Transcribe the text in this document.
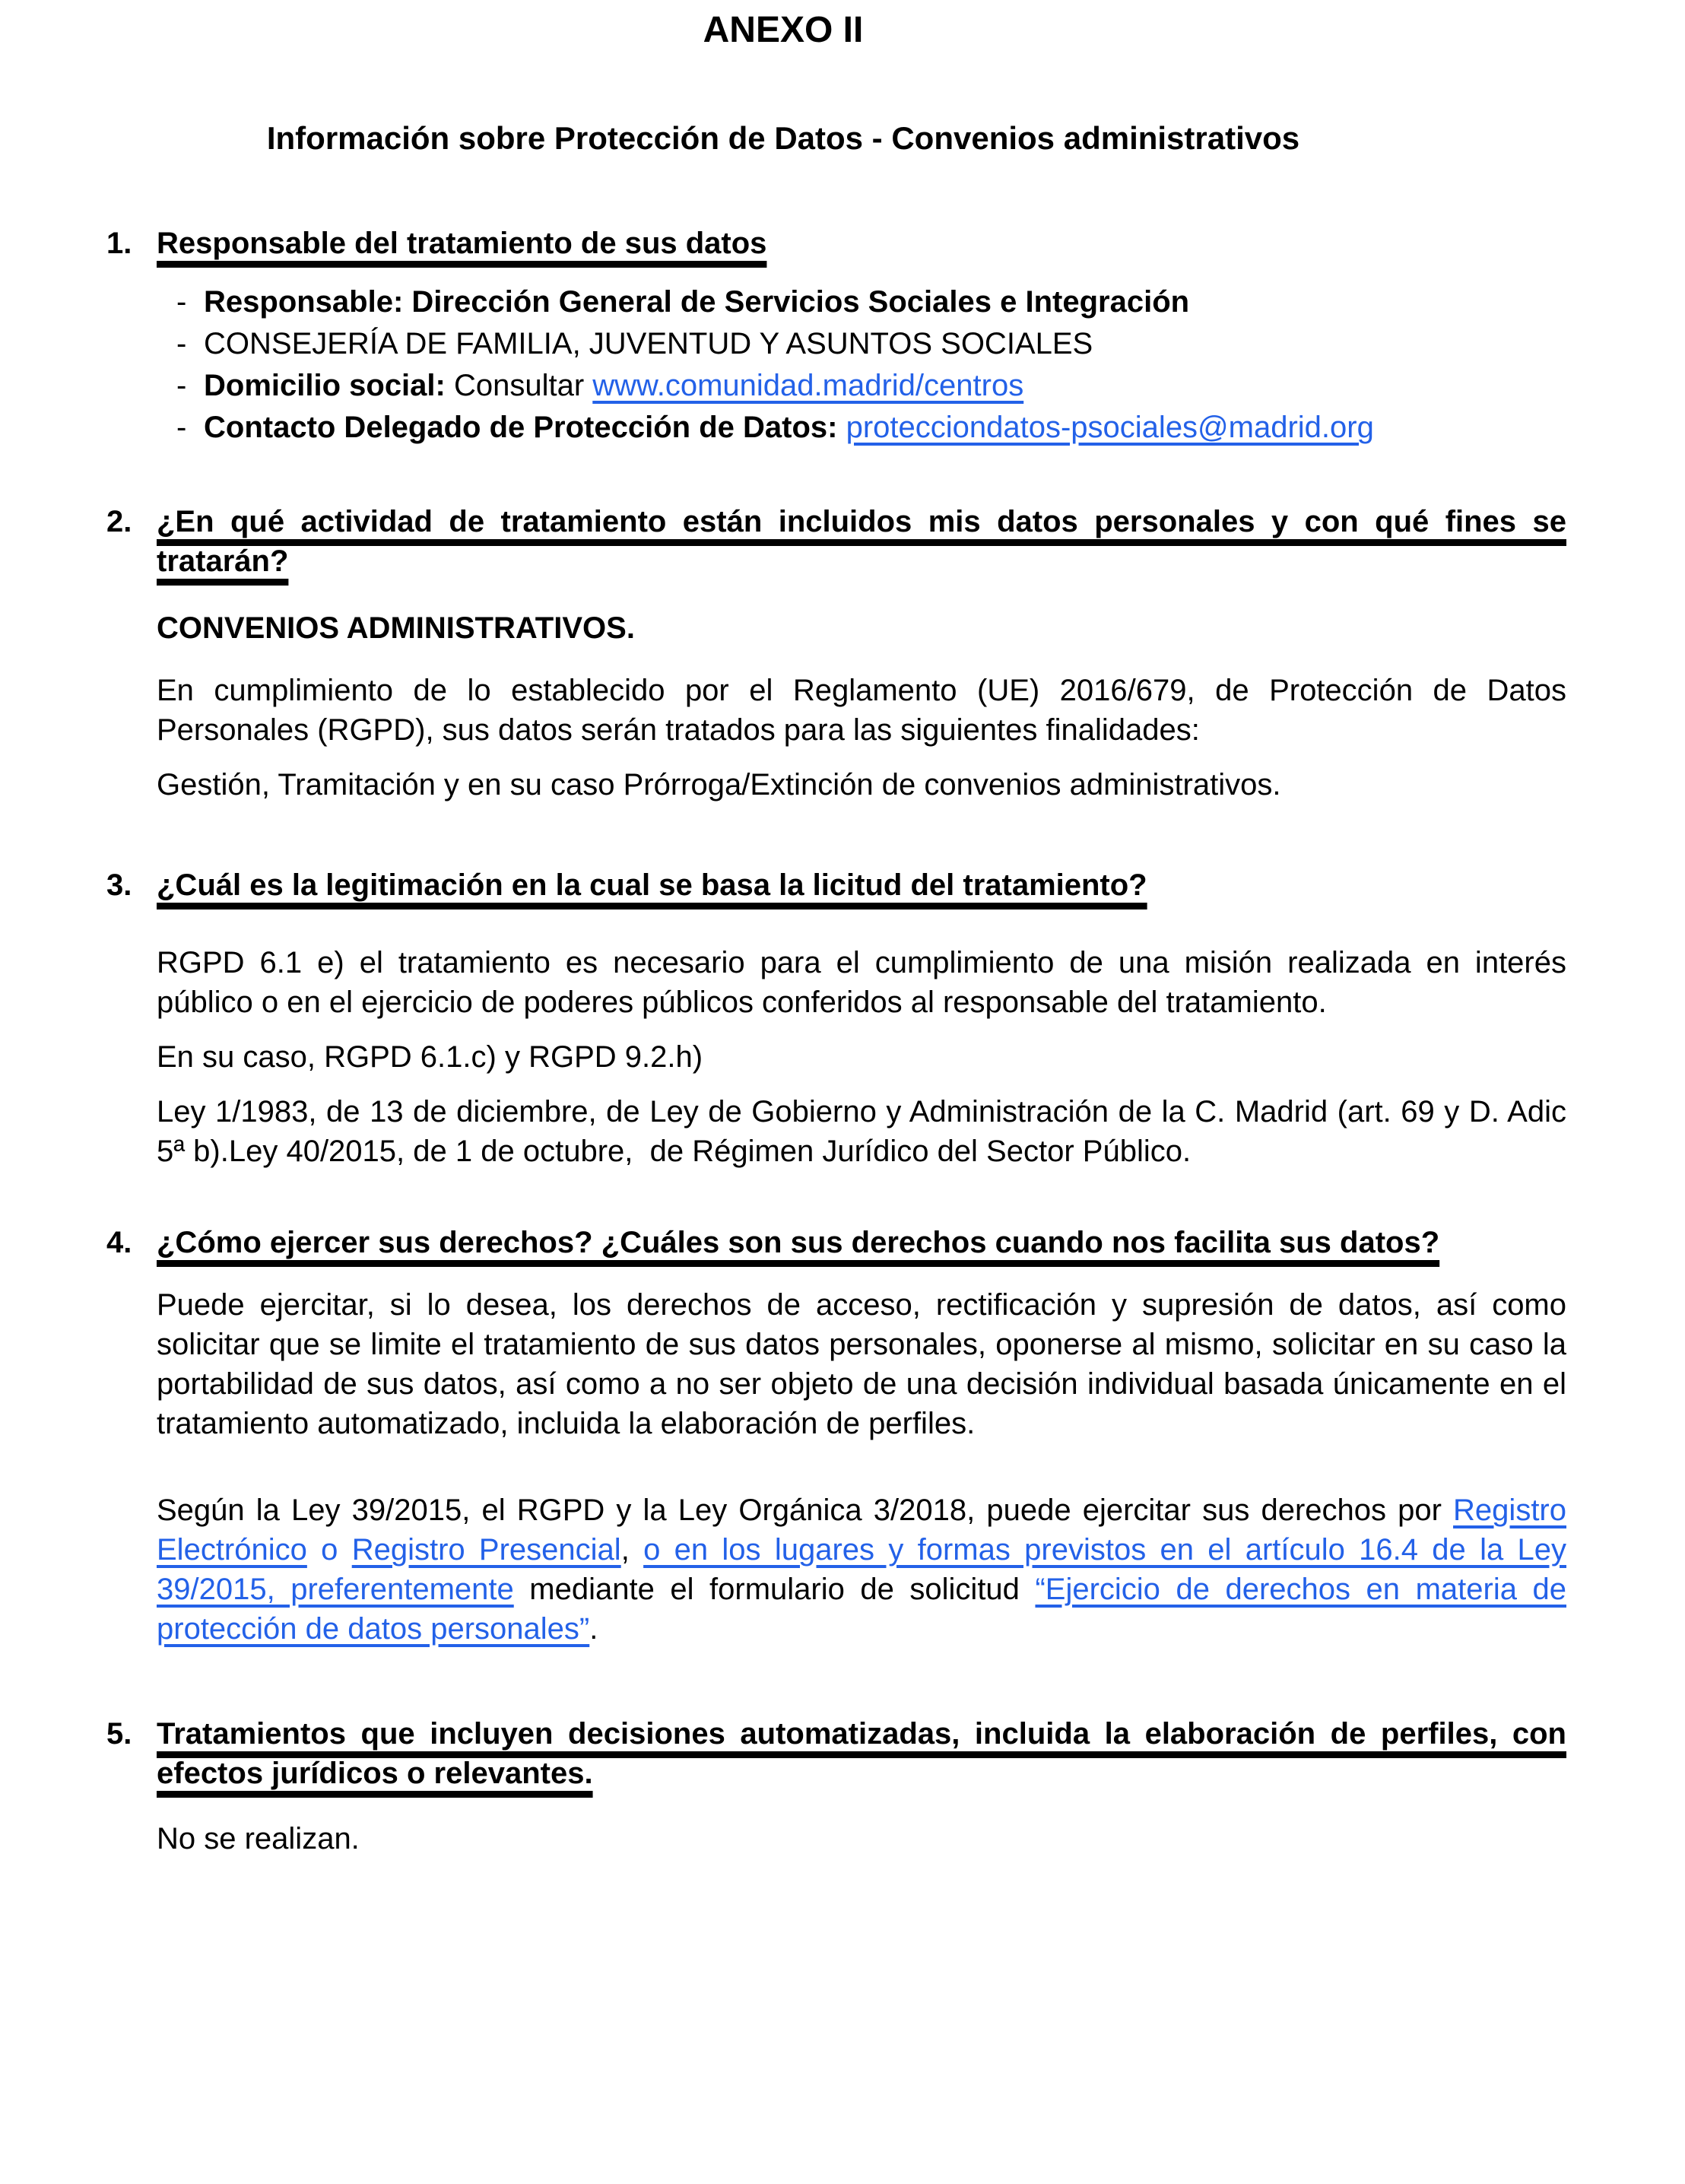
ANEXO II
Información sobre Protección de Datos - Convenios administrativos
1. Responsable del tratamiento de sus datos
- Responsable: Dirección General de Servicios Sociales e Integración
- CONSEJERÍA DE FAMILIA, JUVENTUD Y ASUNTOS SOCIALES
- Domicilio social: Consultar www.comunidad.madrid/centros
- Contacto Delegado de Protección de Datos: protecciondatos-psociales@madrid.org
2. ¿En qué actividad de tratamiento están incluidos mis datos personales y con qué fines se tratarán?

CONVENIOS ADMINISTRATIVOS.

En cumplimiento de lo establecido por el Reglamento (UE) 2016/679, de Protección de Datos Personales (RGPD), sus datos serán tratados para las siguientes finalidades:

Gestión, Tramitación y en su caso Prórroga/Extinción de convenios administrativos.

3. ¿Cuál es la legitimación en la cual se basa la licitud del tratamiento?

RGPD 6.1 e) el tratamiento es necesario para el cumplimiento de una misión realizada en interés público o en el ejercicio de poderes públicos conferidos al responsable del tratamiento.

En su caso, RGPD 6.1.c) y RGPD 9.2.h)

Ley 1/1983, de 13 de diciembre, de Ley de Gobierno y Administración de la C. Madrid (art. 69 y D. Adic 5ª b).Ley 40/2015, de 1 de octubre,  de Régimen Jurídico del Sector Público.

4. ¿Cómo ejercer sus derechos? ¿Cuáles son sus derechos cuando nos facilita sus datos?

Puede ejercitar, si lo desea, los derechos de acceso, rectificación y supresión de datos, así como solicitar que se limite el tratamiento de sus datos personales, oponerse al mismo, solicitar en su caso la portabilidad de sus datos, así como a no ser objeto de una decisión individual basada únicamente en el tratamiento automatizado, incluida la elaboración de perfiles.

Según la Ley 39/2015, el RGPD y la Ley Orgánica 3/2018, puede ejercitar sus derechos por Registro Electrónico o Registro Presencial, o en los lugares y formas previstos en el artículo 16.4 de la Ley 39/2015, preferentemente mediante el formulario de solicitud “Ejercicio de derechos en materia de protección de datos personales”.

5. Tratamientos que incluyen decisiones automatizadas, incluida la elaboración de perfiles, con efectos jurídicos o relevantes.

No se realizan.
